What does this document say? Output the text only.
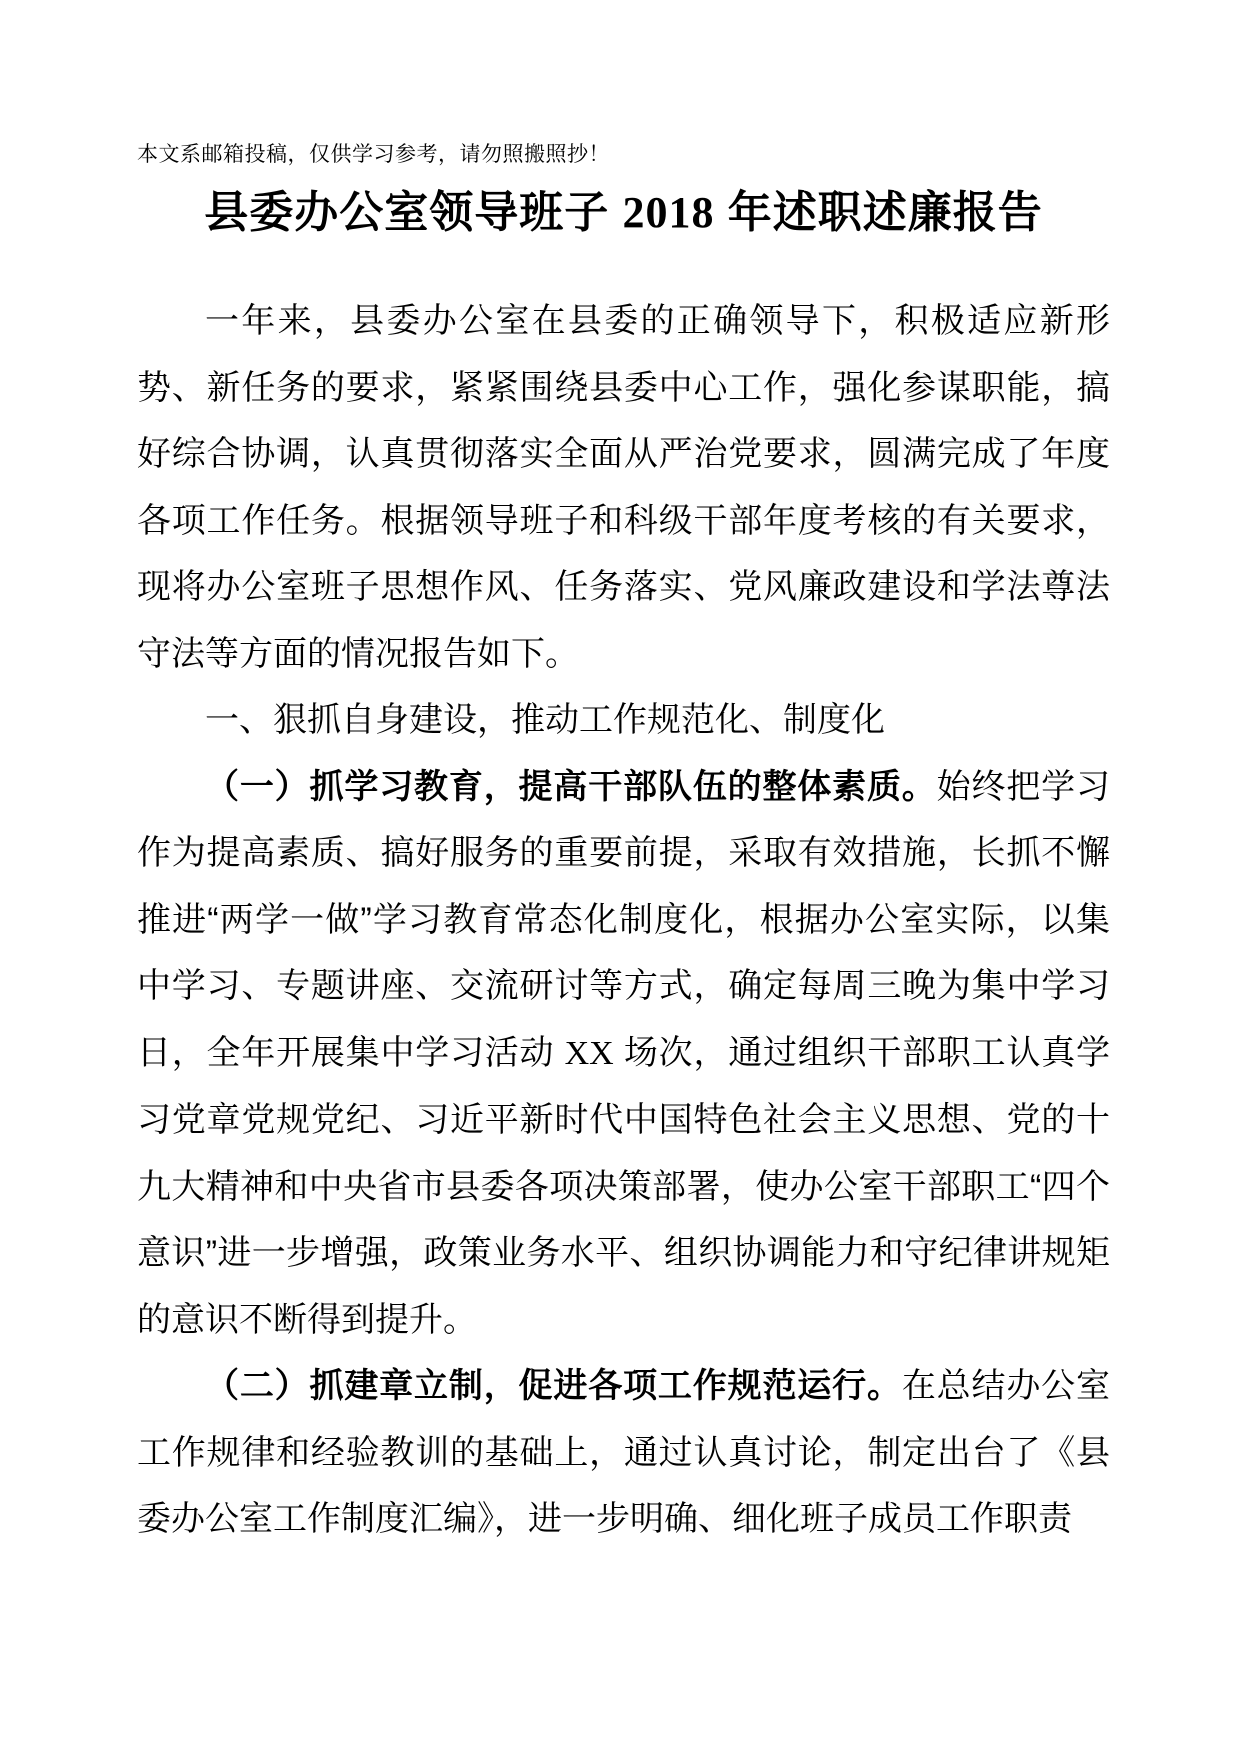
本文系邮箱投稿，仅供学习参考，请勿照搬照抄！
县委办公室领导班子 2018 年述职述廉报告

一年来，县委办公室在县委的正确领导下，积极适应新形势、新任务的要求，紧紧围绕县委中心工作，强化参谋职能，搞好综合协调，认真贯彻落实全面从严治党要求，圆满完成了年度各项工作任务。根据领导班子和科级干部年度考核的有关要求，现将办公室班子思想作风、任务落实、党风廉政建设和学法尊法守法等方面的情况报告如下。

一、狠抓自身建设，推动工作规范化、制度化

（一）抓学习教育，提高干部队伍的整体素质。始终把学习作为提高素质、搞好服务的重要前提，采取有效措施，长抓不懈推进“两学一做”学习教育常态化制度化，根据办公室实际，以集中学习、专题讲座、交流研讨等方式，确定每周三晚为集中学习日，全年开展集中学习活动 XX 场次，通过组织干部职工认真学习党章党规党纪、习近平新时代中国特色社会主义思想、党的十九大精神和中央省市县委各项决策部署，使办公室干部职工“四个意识”进一步增强，政策业务水平、组织协调能力和守纪律讲规矩的意识不断得到提升。

（二）抓建章立制，促进各项工作规范运行。在总结办公室工作规律和经验教训的基础上，通过认真讨论，制定出台了《县委办公室工作制度汇编》，进一步明确、细化班子成员工作职责
